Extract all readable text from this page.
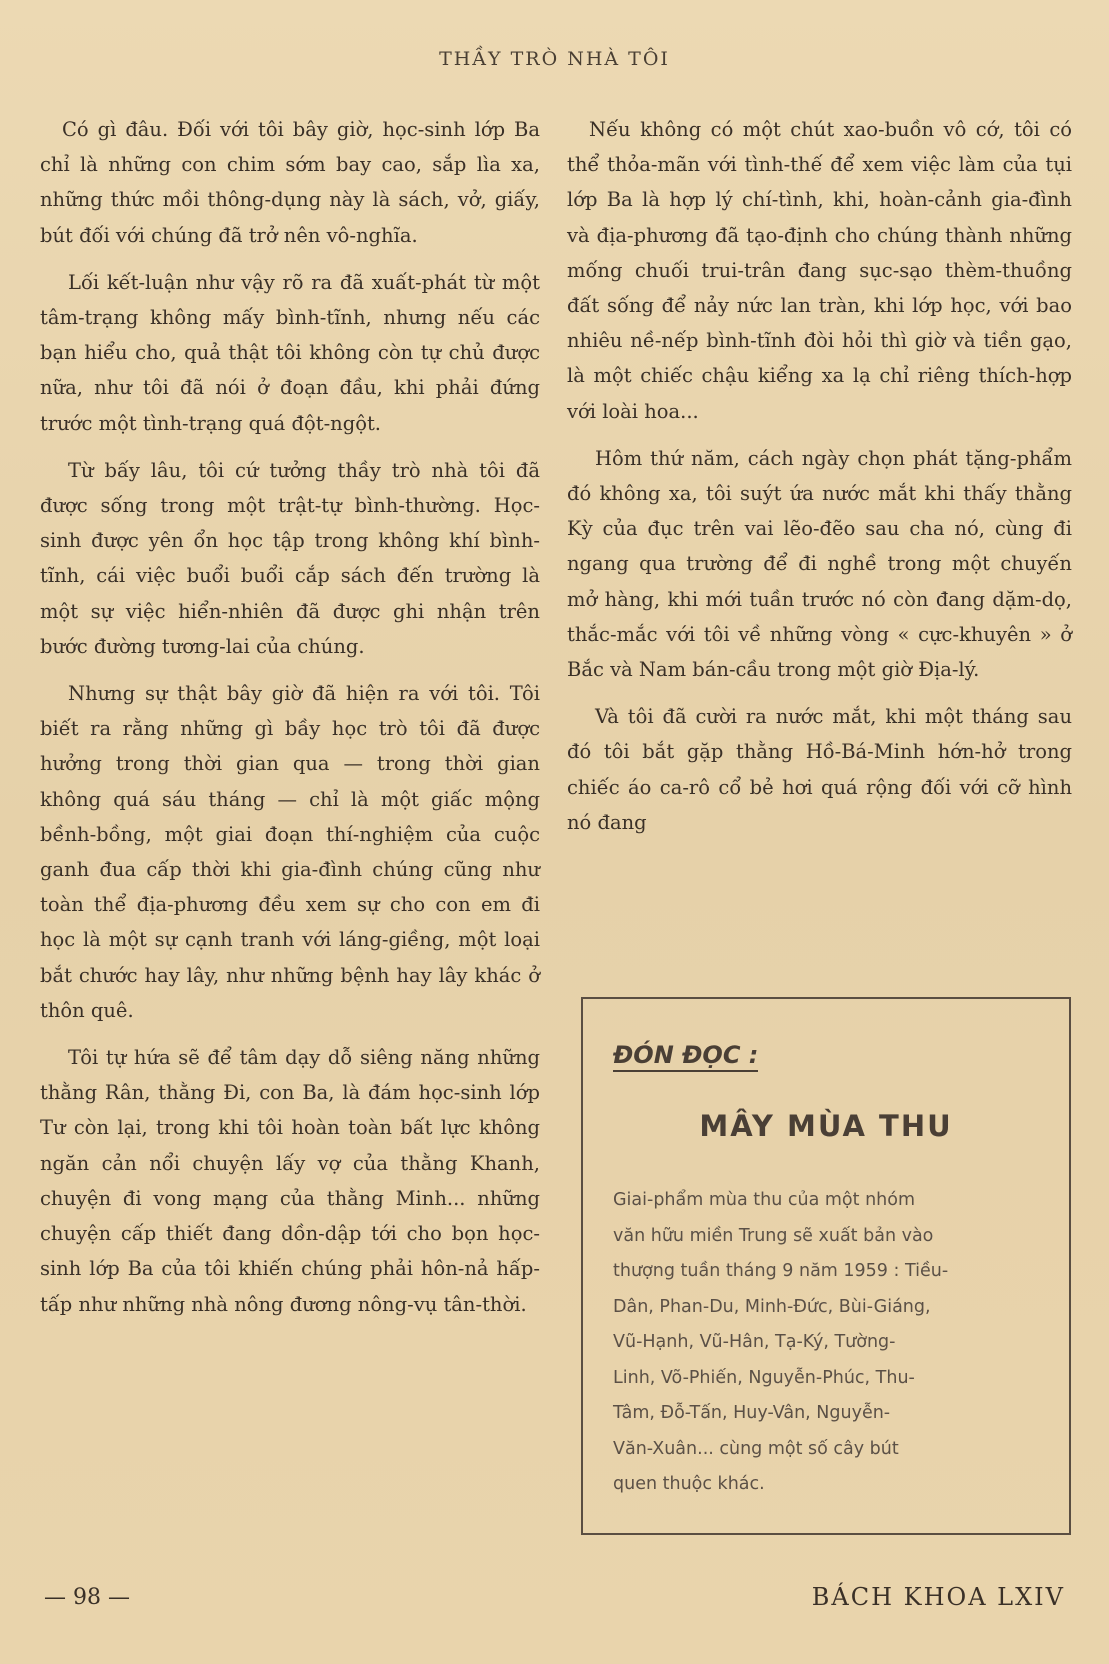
THẦY TRÒ NHÀ TÔI

Có gì đâu. Đối với tôi bây giờ, học-sinh lớp Ba chỉ là những con chim sớm bay cao, sắp lìa xa, những thức mồi thông-dụng này là sách, vở, giấy, bút đối với chúng đã trở nên vô-nghĩa.

Lối kết-luận như vậy rõ ra đã xuất-phát từ một tâm-trạng không mấy bình-tĩnh, nhưng nếu các bạn hiểu cho, quả thật tôi không còn tự chủ được nữa, như tôi đã nói ở đoạn đầu, khi phải đứng trước một tình-trạng quá đột-ngột.

Từ bấy lâu, tôi cứ tưởng thầy trò nhà tôi đã được sống trong một trật-tự bình-thường. Học-sinh được yên ổn học tập trong không khí bình-tĩnh, cái việc buổi buổi cắp sách đến trường là một sự việc hiển-nhiên đã được ghi nhận trên bước đường tương-lai của chúng.

Nhưng sự thật bây giờ đã hiện ra với tôi. Tôi biết ra rằng những gì bầy học trò tôi đã được hưởng trong thời gian qua — trong thời gian không quá sáu tháng — chỉ là một giấc mộng bềnh-bồng, một giai đoạn thí-nghiệm của cuộc ganh đua cấp thời khi gia-đình chúng cũng như toàn thể địa-phương đều xem sự cho con em đi học là một sự cạnh tranh với láng-giềng, một loại bắt chước hay lây, như những bệnh hay lây khác ở thôn quê.

Tôi tự hứa sẽ để tâm dạy dỗ siêng năng những thằng Rân, thằng Đi, con Ba, là đám học-sinh lớp Tư còn lại, trong khi tôi hoàn toàn bất lực không ngăn cản nổi chuyện lấy vợ của thằng Khanh, chuyện đi vong mạng của thằng Minh... những chuyện cấp thiết đang dồn-dập tới cho bọn học-sinh lớp Ba của tôi khiến chúng phải hôn-nả hấp-tấp như những nhà nông đương nông-vụ tân-thời.

Nếu không có một chút xao-buồn vô cớ, tôi có thể thỏa-mãn với tình-thế để xem việc làm của tụi lớp Ba là hợp lý chí-tình, khi, hoàn-cảnh gia-đình và địa-phương đã tạo-định cho chúng thành những mống chuối trui-trân đang sục-sạo thèm-thuồng đất sống để nảy nức lan tràn, khi lớp học, với bao nhiêu nề-nếp bình-tĩnh đòi hỏi thì giờ và tiền gạo, là một chiếc chậu kiểng xa lạ chỉ riêng thích-hợp với loài hoa...

Hôm thứ năm, cách ngày chọn phát tặng-phẩm đó không xa, tôi suýt ứa nước mắt khi thấy thằng Kỳ của đục trên vai lẽo-đẽo sau cha nó, cùng đi ngang qua trường để đi nghề trong một chuyến mở hàng, khi mới tuần trước nó còn đang dặm-dọ, thắc-mắc với tôi về những vòng « cực-khuyên » ở Bắc và Nam bán-cầu trong một giờ Địa-lý.

Và tôi đã cười ra nước mắt, khi một tháng sau đó tôi bắt gặp thằng Hồ-Bá-Minh hớn-hở trong chiếc áo ca-rô cổ bẻ hơi quá rộng đối với cỡ hình nó đang

ĐÓN ĐỌC :
MÂY MÙA THU
Giai-phẩm mùa thu của một nhóm
văn hữu miền Trung sẽ xuất bản vào
thượng tuần tháng 9 năm 1959 : Tiều-
Dân, Phan-Du, Minh-Đức, Bùi-Giáng,
Vũ-Hạnh, Vũ-Hân, Tạ-Ký, Tường-
Linh, Võ-Phiến, Nguyễn-Phúc, Thu-
Tâm, Đỗ-Tấn, Huy-Vân, Nguyễn-
Văn-Xuân... cùng một số cây bút
quen thuộc khác.
— 98 —	BÁCH KHOA LXIV
